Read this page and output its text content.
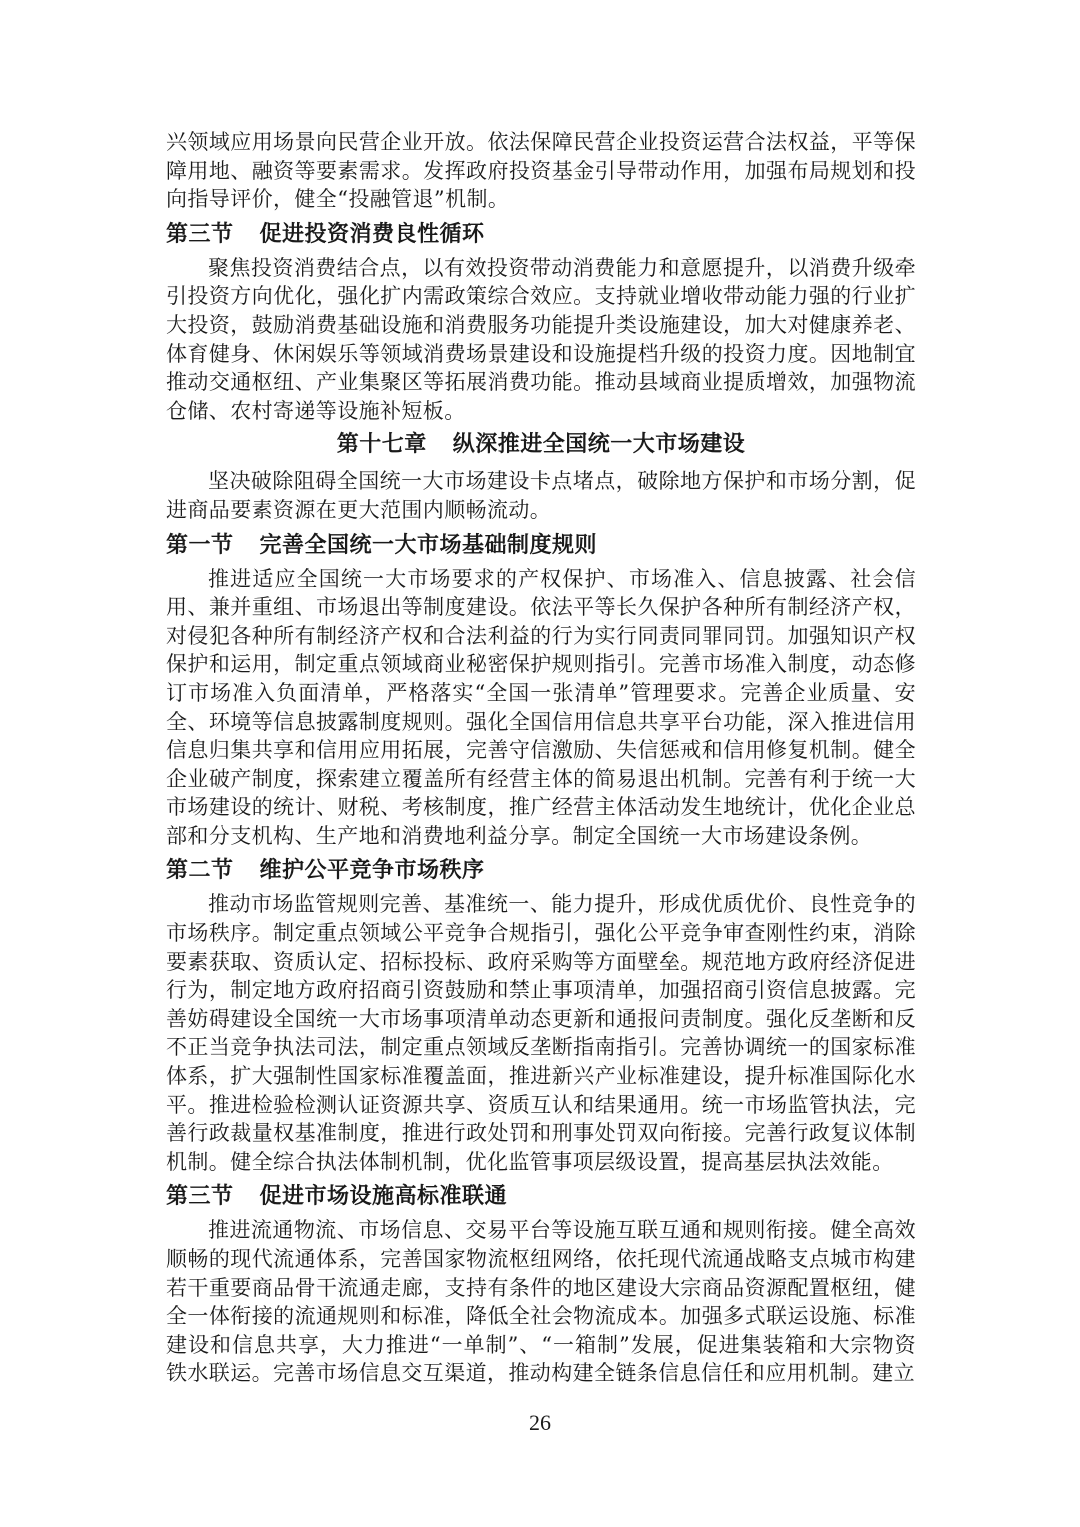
兴领域应用场景向民营企业开放。依法保障民营企业投资运营合法权益，平等保障用地、融资等要素需求。发挥政府投资基金引导带动作用，加强布局规划和投向指导评价，健全“投融管退”机制。

第三节 促进投资消费良性循环

聚焦投资消费结合点，以有效投资带动消费能力和意愿提升，以消费升级牵引投资方向优化，强化扩内需政策综合效应。支持就业增收带动能力强的行业扩大投资，鼓励消费基础设施和消费服务功能提升类设施建设，加大对健康养老、体育健身、休闲娱乐等领域消费场景建设和设施提档升级的投资力度。因地制宜推动交通枢纽、产业集聚区等拓展消费功能。推动县域商业提质增效，加强物流仓储、农村寄递等设施补短板。

第十七章 纵深推进全国统一大市场建设

坚决破除阻碍全国统一大市场建设卡点堵点，破除地方保护和市场分割，促进商品要素资源在更大范围内顺畅流动。

第一节 完善全国统一大市场基础制度规则

推进适应全国统一大市场要求的产权保护、市场准入、信息披露、社会信用、兼并重组、市场退出等制度建设。依法平等长久保护各种所有制经济产权，对侵犯各种所有制经济产权和合法利益的行为实行同责同罪同罚。加强知识产权保护和运用，制定重点领域商业秘密保护规则指引。完善市场准入制度，动态修订市场准入负面清单，严格落实“全国一张清单”管理要求。完善企业质量、安全、环境等信息披露制度规则。强化全国信用信息共享平台功能，深入推进信用信息归集共享和信用应用拓展，完善守信激励、失信惩戒和信用修复机制。健全企业破产制度，探索建立覆盖所有经营主体的简易退出机制。完善有利于统一大市场建设的统计、财税、考核制度，推广经营主体活动发生地统计，优化企业总部和分支机构、生产地和消费地利益分享。制定全国统一大市场建设条例。

第二节 维护公平竞争市场秩序

推动市场监管规则完善、基准统一、能力提升，形成优质优价、良性竞争的市场秩序。制定重点领域公平竞争合规指引，强化公平竞争审查刚性约束，消除要素获取、资质认定、招标投标、政府采购等方面壁垒。规范地方政府经济促进行为，制定地方政府招商引资鼓励和禁止事项清单，加强招商引资信息披露。完善妨碍建设全国统一大市场事项清单动态更新和通报问责制度。强化反垄断和反不正当竞争执法司法，制定重点领域反垄断指南指引。完善协调统一的国家标准体系，扩大强制性国家标准覆盖面，推进新兴产业标准建设，提升标准国际化水平。推进检验检测认证资源共享、资质互认和结果通用。统一市场监管执法，完善行政裁量权基准制度，推进行政处罚和刑事处罚双向衔接。完善行政复议体制机制。健全综合执法体制机制，优化监管事项层级设置，提高基层执法效能。

第三节 促进市场设施高标准联通

推进流通物流、市场信息、交易平台等设施互联互通和规则衔接。健全高效顺畅的现代流通体系，完善国家物流枢纽网络，依托现代流通战略支点城市构建若干重要商品骨干流通走廊，支持有条件的地区建设大宗商品资源配置枢纽，健全一体衔接的流通规则和标准，降低全社会物流成本。加强多式联运设施、标准建设和信息共享，大力推进“一单制”、“一箱制”发展，促进集装箱和大宗物资铁水联运。完善市场信息交互渠道，推动构建全链条信息信任和应用机制。建立

26
